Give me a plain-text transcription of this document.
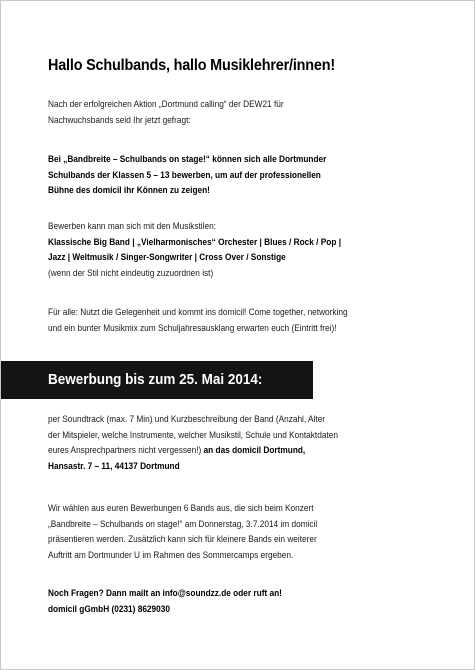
Hallo Schulbands, hallo Musiklehrer/innen!

Nach der erfolgreichen Aktion „Dortmund calling“ der DEW21 für

Nachwuchsbands seid Ihr jetzt gefragt:

Bei „Bandbreite – Schulbands on stage!“ können sich alle Dortmunder

Schulbands der Klassen 5 – 13 bewerben, um auf der professionellen

Bühne des domicil ihr Können zu zeigen!

Bewerben kann man sich mit den Musikstilen:

Klassische Big Band | „Vielharmonisches“ Orchester | Blues / Rock / Pop |

Jazz | Weltmusik / Singer-Songwriter | Cross Over / Sonstige

(wenn der Stil nicht eindeutig zuzuordnen ist)

Für alle: Nutzt die Gelegenheit und kommt ins domicil! Come together, networking

und ein bunter Musikmix zum Schuljahresausklang erwarten euch (Eintritt frei)!

Bewerbung bis zum 25. Mai 2014:

per Soundtrack (max. 7 Min) und Kurzbeschreibung der Band (Anzahl, Alter

der Mitspieler, welche Instrumente, welcher Musikstil, Schule und Kontaktdaten

eures Ansprechpartners nicht vergessen!) an das domicil Dortmund,

Hansastr. 7 – 11, 44137 Dortmund

Wir wählen aus euren Bewerbungen 6 Bands aus, die sich beim Konzert

„Bandbreite – Schulbands on stage!“ am Donnerstag, 3.7.2014 im domicil

präsentieren werden. Zusätzlich kann sich für kleinere Bands ein weiterer

Auftritt am Dortmunder U im Rahmen des Sommercamps ergeben.

Noch Fragen? Dann mailt an info@soundzz.de oder ruft an!

domicil gGmbH (0231) 8629030
